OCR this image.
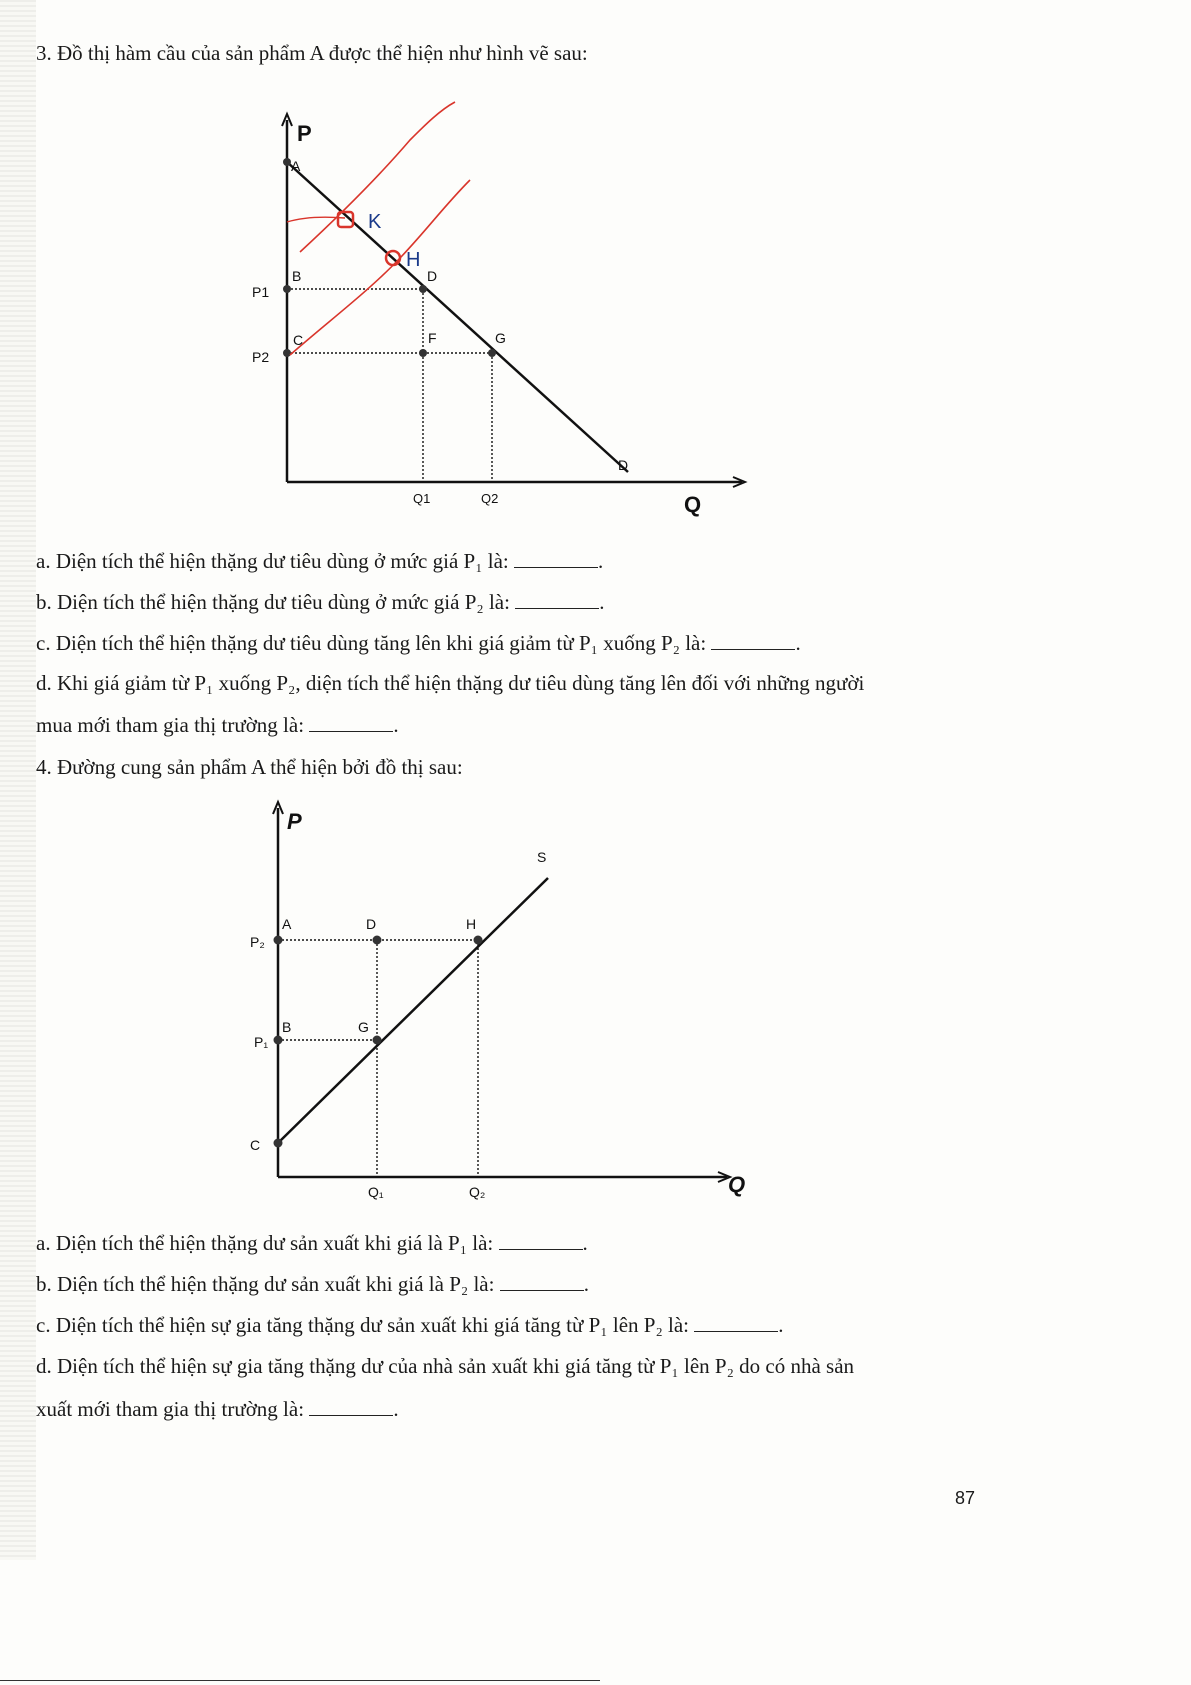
3. Đồ thị hàm cầu của sản phẩm A được thể hiện như hình vẽ sau:
P
Q
A
B
C
D
F	G
D
P1
P2
Q1	Q2
K
H
P
Q
S
A
B
C
D
G
H
P₂
P₁
Q₁	Q₂
a. Diện tích thể hiện thặng dư tiêu dùng ở mức giá P₁ là:	.
b. Diện tích thể hiện thặng dư tiêu dùng ở mức giá P₂ là:	.
c. Diện tích thể hiện thặng dư tiêu dùng tăng lên khi giá giảm từ P₁ xuống P₂ là:	.
d. Khi giá giảm từ P₁ xuống P₂, diện tích thể hiện thặng dư tiêu dùng tăng lên đối với những người
mua mới tham gia thị trường là:	.
4. Đường cung sản phẩm A thể hiện bởi đồ thị sau:
a. Diện tích thể hiện thặng dư sản xuất khi giá là P₁ là:	.
b. Diện tích thể hiện thặng dư sản xuất khi giá là P₂ là:	.
c. Diện tích thể hiện sự gia tăng thặng dư sản xuất khi giá tăng từ P₁ lên P₂ là:	.
d. Diện tích thể hiện sự gia tăng thặng dư của nhà sản xuất khi giá tăng từ P₁ lên P₂ do có nhà sản
xuất mới tham gia thị trường là:	.
87
